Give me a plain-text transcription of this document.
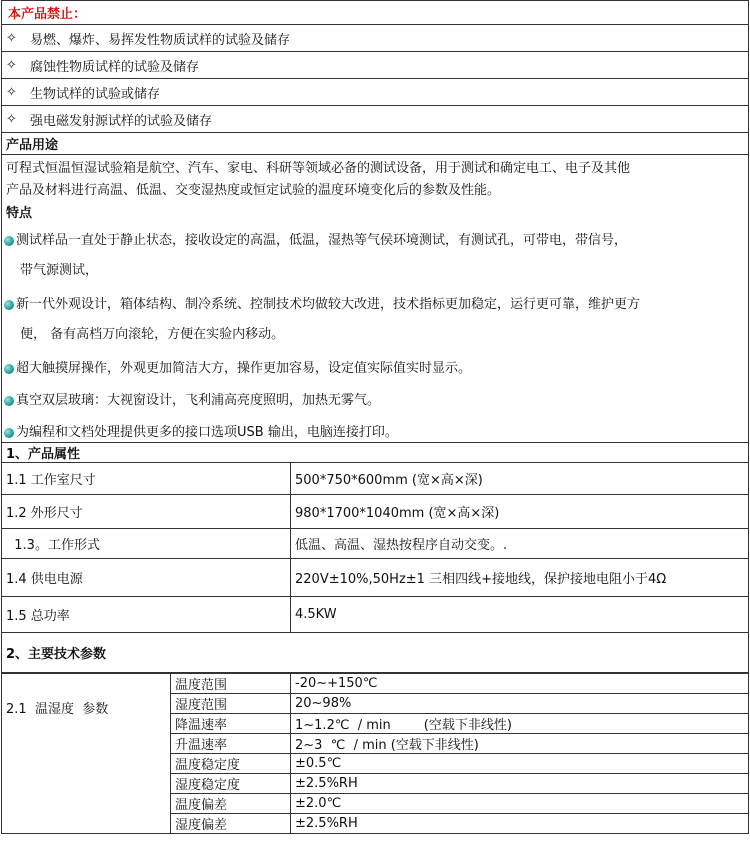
本产品禁止：
✧	易燃、爆炸、易挥发性物质试样的试验及储存
✧	腐蚀性物质试样的试验及储存
✧	生物试样的试验或储存
✧	强电磁发射源试样的试验及储存
产品用途
可程式恒温恒湿试验箱是航空、汽车、家电、科研等领域必备的测试设备，用于测试和确定电工、电子及其他
产品及材料进行高温、低温、交变湿热度或恒定试验的温度环境变化后的参数及性能。
特点
测试样品一直处于静止状态，接收设定的高温，低温，湿热等气侯环境测试，有测试孔，可带电，带信号，
带气源测试，
新一代外观设计，箱体结构、制冷系统、控制技术均做较大改进，技术指标更加稳定，运行更可靠，维护更方
便， 备有高档万向滚轮，方便在实验内移动。
超大触摸屏操作，外观更加简洁大方，操作更加容易，设定值实际值实时显示。
真空双层玻璃：大视窗设计，飞利浦高亮度照明，加热无雾气。
为编程和文档处理提供更多的接口选项USB 输出，电脑连接打印。
1、产品属性	
1.1 工作室尺寸	500*750*600mm (宽×高×深)
1.2 外形尺寸	980*1700*1040mm (宽×高×深)
1.3。工作形式	低温、高温、湿热按程序自动交变。.
1.4 供电电源	220V±10%,50Hz±1 三相四线+接地线，保护接地电阻小于4Ω
1.5 总功率	4.5KW
2、主要技术参数	
2.1  温湿度  参数	温度范围	-20~+150℃
	湿度范围	20~98%
	降温速率	1~1.2℃  / min        (空载下非线性)
	升温速率	2~3  ℃  / min (空载下非线性)
	温度稳定度	±0.5℃
	湿度稳定度	±2.5%RH
	温度偏差	±2.0℃
	湿度偏差	±2.5%RH
